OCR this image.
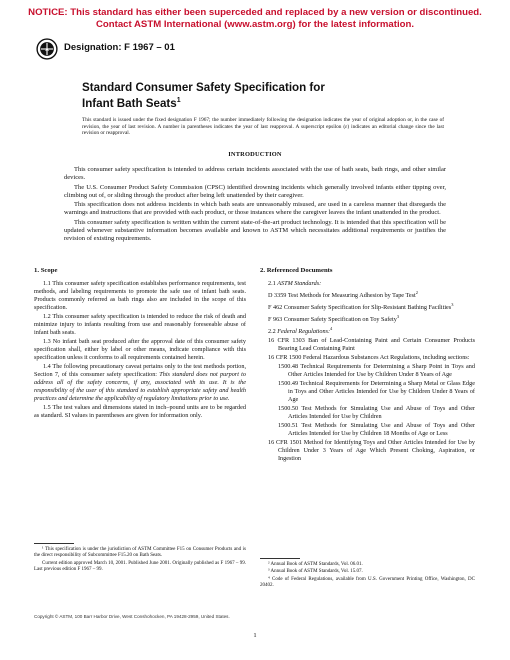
NOTICE: This standard has either been superceded and replaced by a new version or discontinued.
Contact ASTM International (www.astm.org) for the latest information.
A Designation: F 1967 – 01
Standard Consumer Safety Specification for
Infant Bath Seats$^1$
This standard is issued under the fixed designation F 1967; the number immediately following the designation indicates the year of original adoption or, in the case of revision, the year of last revision. A number in parentheses indicates the year of last reapproval. A superscript epsilon (ε) indicates an editorial change since the last revision or reapproval.
INTRODUCTION

This consumer safety specification is intended to address certain incidents associated with the use of bath seats, bath rings, and other similar devices.

The U.S. Consumer Product Safety Commission (CPSC) identified drowning incidents which generally involved infants either tipping over, climbing out of, or sliding through the product after being left unattended by their caregiver.

This specification does not address incidents in which bath seats are unreasonably misused, are used in a careless manner that disregards the warnings and instructions that are provided with each product, or those instances where the caregiver leaves the infant unattended in the product.

This consumer safety specification is written within the current state-of-the-art product technology. It is intended that this specification will be updated whenever substantive information becomes available and known to ASTM which necessitates additional requirements or justifies the revision of existing requirements.

1. Scope

1.1 This consumer safety specification establishes performance requirements, test methods, and labeling requirements to promote the safe use of infant bath seats. Products commonly referred as bath rings also are included in the scope of this specification.

1.2 This consumer safety specification is intended to reduce the risk of death and minimize injury to infants resulting from use and reasonably foreseeable abuse of infant bath seats.

1.3 No infant bath seat produced after the approval date of this consumer safety specification shall, either by label or other means, indicate compliance with this specification unless it conforms to all requirements contained herein.

1.4 The following precautionary caveat pertains only to the test methods portion, Section 7, of this consumer safety specification: This standard does not purport to address all of the safety concerns, if any, associated with its use. It is the responsibility of the user of this standard to establish appropriate safety and health practices and determine the applicability of regulatory limitations prior to use.

1.5 The test values and dimensions stated in inch–pound units are to be regarded as standard. SI values in parentheses are given for information only.

2. Referenced Documents
2.1 ASTM Standards:
D 3359 Test Methods for Measuring Adhesion by Tape Test$^2$
F 462 Consumer Safety Specification for Slip-Resistant Bathing Facilities$^3$
F 963 Consumer Safety Specification on Toy Safety$^3$
2.2 Federal Regulations:$^4$
16 CFR 1303 Ban of Lead-Containing Paint and Certain Consumer Products Bearing Lead Containing Paint
16 CFR 1500 Federal Hazardous Substances Act Regulations, including sections:
1500.48 Technical Requirements for Determining a Sharp Point in Toys and Other Articles Intended for Use by Children Under 8 Years of Age
1500.49 Technical Requirements for Determining a Sharp Metal or Glass Edge in Toys and Other Articles Intended for Use by Children Under 8 Years of Age
1500.50 Test Methods for Simulating Use and Abuse of Toys and Other Articles Intended for Use by Children
1500.51 Test Methods for Simulating Use and Abuse of Toys and Other Articles Intended for Use by Children 18 Months of Age or Less
16 CFR 1501 Method for Identifying Toys and Other Articles Intended for Use by Children Under 3 Years of Age Which Present Choking, Aspiration, or Ingestion

¹ This specification is under the jurisdiction of ASTM Committee F15 on Consumer Products and is the direct responsibility of Subcommittee F15.20 on Bath Seats.

Current edition approved March 10, 2001. Published June 2001. Originally published as F 1967 – 99. Last previous edition F 1967 – 99.

² Annual Book of ASTM Standards, Vol. 06.01.

³ Annual Book of ASTM Standards, Vol. 15.07.

⁴ Code of Federal Regulations, available from U.S. Government Printing Office, Washington, DC 20402.

Copyright © ASTM, 100 Barr Harbor Drive, West Conshohocken, PA 19428-2959, United States.
1
